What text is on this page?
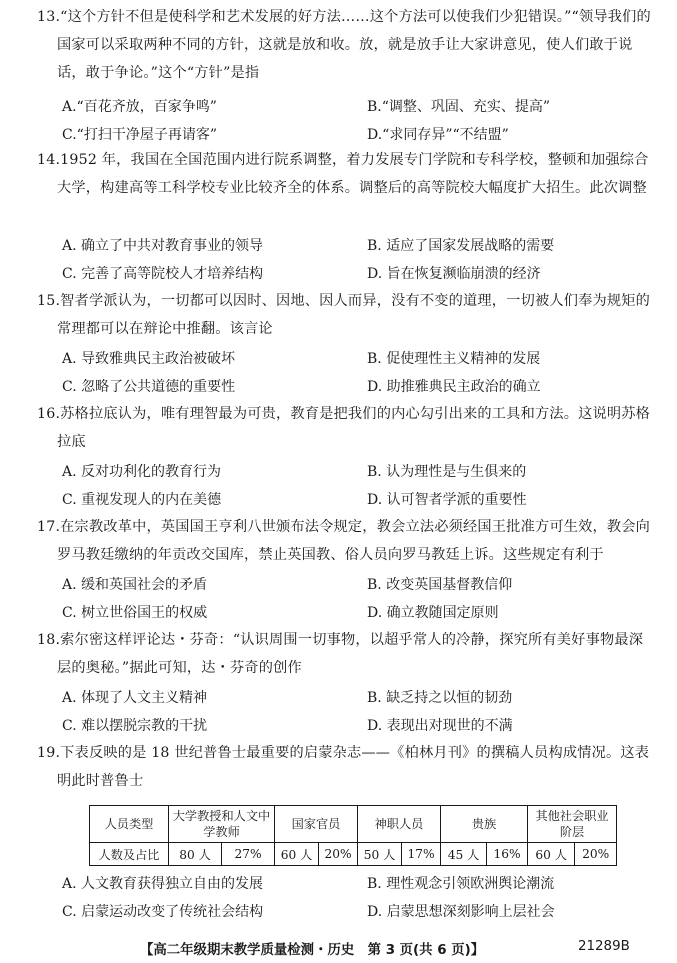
13.“这个方针不但是使科学和艺术发展的好方法……这个方法可以使我们少犯错误。”“领导我们的国家可以采取两种不同的方针，这就是放和收。放，就是放手让大家讲意见，使人们敢于说话，敢于争论。”这个“方针”是指
A.“百花齐放，百家争鸣”	B.“调整、巩固、充实、提高”
C.“打扫干净屋子再请客”	D.“求同存异”“不结盟”
14.1952 年，我国在全国范围内进行院系调整，着力发展专门学院和专科学校，整顿和加强综合大学，构建高等工科学校专业比较齐全的体系。调整后的高等院校大幅度扩大招生。此次调整
A. 确立了中共对教育事业的领导	B. 适应了国家发展战略的需要
C. 完善了高等院校人才培养结构	D. 旨在恢复濒临崩溃的经济
15.智者学派认为，一切都可以因时、因地、因人而异，没有不变的道理，一切被人们奉为规矩的常理都可以在辩论中推翻。该言论
A. 导致雅典民主政治被破坏	B. 促使理性主义精神的发展
C. 忽略了公共道德的重要性	D. 助推雅典民主政治的确立
16.苏格拉底认为，唯有理智最为可贵，教育是把我们的内心勾引出来的工具和方法。这说明苏格拉底
A. 反对功利化的教育行为	B. 认为理性是与生俱来的
C. 重视发现人的内在美德	D. 认可智者学派的重要性
17.在宗教改革中，英国国王亨利八世颁布法令规定，教会立法必须经国王批准方可生效，教会向罗马教廷缴纳的年贡改交国库，禁止英国教、俗人员向罗马教廷上诉。这些规定有利于
A. 缓和英国社会的矛盾	B. 改变英国基督教信仰
C. 树立世俗国王的权威	D. 确立教随国定原则
18.索尔密这样评论达・芬奇：“认识周围一切事物，以超乎常人的冷静，探究所有美好事物最深层的奥秘。”据此可知，达・芬奇的创作
A. 体现了人文主义精神	B. 缺乏持之以恒的韧劲
C. 难以摆脱宗教的干扰	D. 表现出对现世的不满
19.下表反映的是 18 世纪普鲁士最重要的启蒙杂志——《柏林月刊》的撰稿人员构成情况。这表明此时普鲁士
人员类型	大学教授和人文中学教师		国家官员		神职人员		贵族		其他社会职业阶层	
人数及占比	80 人	27%	60 人	20%	50 人	17%	45 人	16%	60 人	20%
A. 人文教育获得独立自由的发展	B. 理性观念引领欧洲舆论潮流
C. 启蒙运动改变了传统社会结构	D. 启蒙思想深刻影响上层社会
【高二年级期末教学质量检测・历史　第 3 页(共 6 页)】	21289B
